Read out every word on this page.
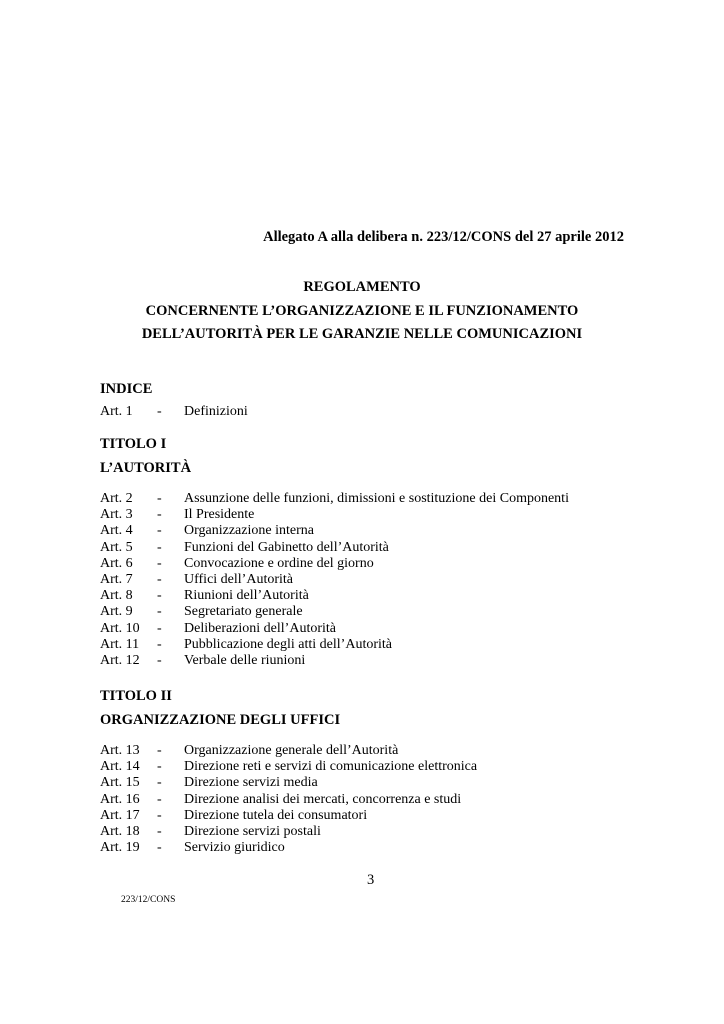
Allegato A alla delibera n. 223/12/CONS del 27 aprile 2012
REGOLAMENTO
CONCERNENTE L’ORGANIZZAZIONE E IL FUNZIONAMENTO
DELL’AUTORITÀ PER LE GARANZIE NELLE COMUNICAZIONI
INDICE
Art. 1 - Definizioni
TITOLO I
L’AUTORITÀ
Art. 2 - Assunzione delle funzioni, dimissioni e sostituzione dei Componenti
Art. 3 - Il Presidente
Art. 4 - Organizzazione interna
Art. 5 - Funzioni del Gabinetto dell’Autorità
Art. 6 - Convocazione e ordine del giorno
Art. 7 - Uffici dell’Autorità
Art. 8 - Riunioni dell’Autorità
Art. 9 - Segretariato generale
Art. 10 - Deliberazioni dell’Autorità
Art. 11 - Pubblicazione degli atti dell’Autorità
Art. 12 - Verbale delle riunioni
TITOLO II
ORGANIZZAZIONE DEGLI UFFICI
Art. 13 - Organizzazione generale dell’Autorità
Art. 14 - Direzione reti e servizi di comunicazione elettronica
Art. 15 - Direzione servizi media
Art. 16 - Direzione analisi dei mercati, concorrenza e studi
Art. 17 - Direzione tutela dei consumatori
Art. 18 - Direzione servizi postali
Art. 19 - Servizio giuridico
3
223/12/CONS
